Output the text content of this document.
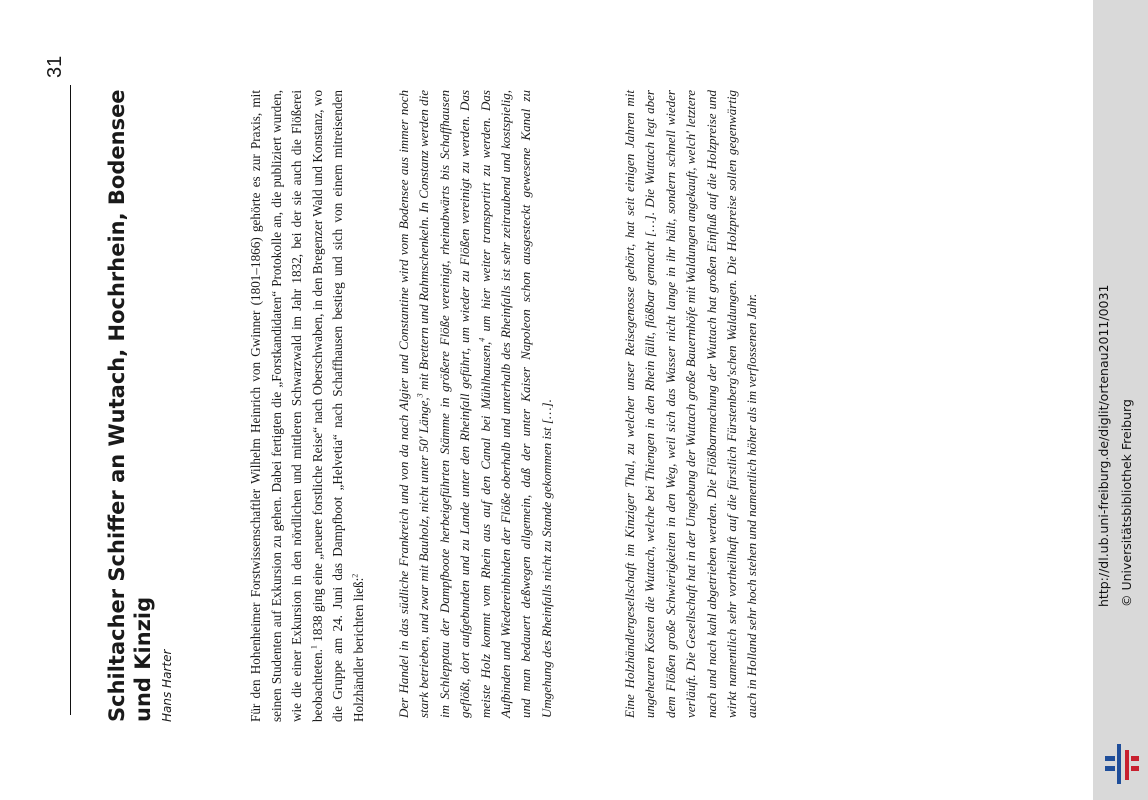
31
Schiltacher Schiffer an Wutach, Hochrhein, Bodensee und Kinzig Hans Harter	Für den Hohenheimer Forstwissenschaftler Wilhelm Heinrich von Gwinner (1801–1866) gehörte es zur Praxis, mit seinen Studenten auf Exkursion zu gehen. Dabei fertigten die „Forstkandidaten“ Protokolle an, die publiziert wurden, wie die einer Exkursion in den nördlichen und mittleren Schwarzwald im Jahr 1832, bei der sie auch die Flößerei beobachteten.$^1$ 1838 ging eine „neuere forstliche Reise“ nach Oberschwaben, in den Bregenzer Wald und Konstanz, wo die Gruppe am 24. Juni das Dampfboot „Helvetia“ nach Schaffhausen bestieg und sich von einem mitreisenden Holzhändler berichten ließ:$^2$	Der Handel in das südliche Frankreich und von da nach Algier und Constantine wird vom Bodensee aus immer noch stark betrieben, und zwar mit Bauholz, nicht unter 50' Länge,$^3$ mit Brettern und Rahmschenkeln. In Constanz werden die im Schlepptau der Dampfboote herbeigeführten Stämme in größere Flöße vereinigt, rheinabwärts bis Schaffhausen geflößt, dort aufgebunden und zu Lande unter den Rheinfall geführt, um wieder zu Flößen vereinigt zu werden. Das meiste Holz kommt vom Rhein aus auf den Canal bei Mühlhausen,$^4$ um hier weiter transportirt zu werden. Das Aufbinden und Wiedereinbinden der Flöße oberhalb und unterhalb des Rheinfalls ist sehr zeitraubend und kostspielig, und man bedauert deßwegen allgemein, daß der unter Kaiser Napoleon schon ausgesteckt gewesene Kanal zu Umgehung des Rheinfalls nicht zu Stande gekommen ist […].	Eine Holzhändlergesellschaft im Kinziger Thal, zu welcher unser Reisegenosse gehört, hat seit einigen Jahren mit ungeheuren Kosten die Wuttach, welche bei Thiengen in den Rhein fällt, flößbar gemacht […]. Die Wuttach legt aber dem Flößen große Schwierigkeiten in den Weg, weil sich das Wasser nicht lange in ihr hält, sondern schnell wieder verläuft. Die Gesellschaft hat in der Umgebung der Wuttach große Bauernhöfe mit Waldungen angekauft, welch' letztere nach und nach kahl abgetrieben werden. Die Flößbarmachung der Wuttach hat großen Einfluß auf die Holzpreise und wirkt namentlich sehr vortheilhaft auf die fürstlich Fürstenberg'schen Waldungen. Die Holzpreise sollen gegenwärtig auch in Holland sehr hoch stehen und namentlich höher als im verflossenen Jahr.	http://dl.ub.uni-freiburg.de/diglit/ortenau2011/0031 © Universitätsbibliothek Freiburg
